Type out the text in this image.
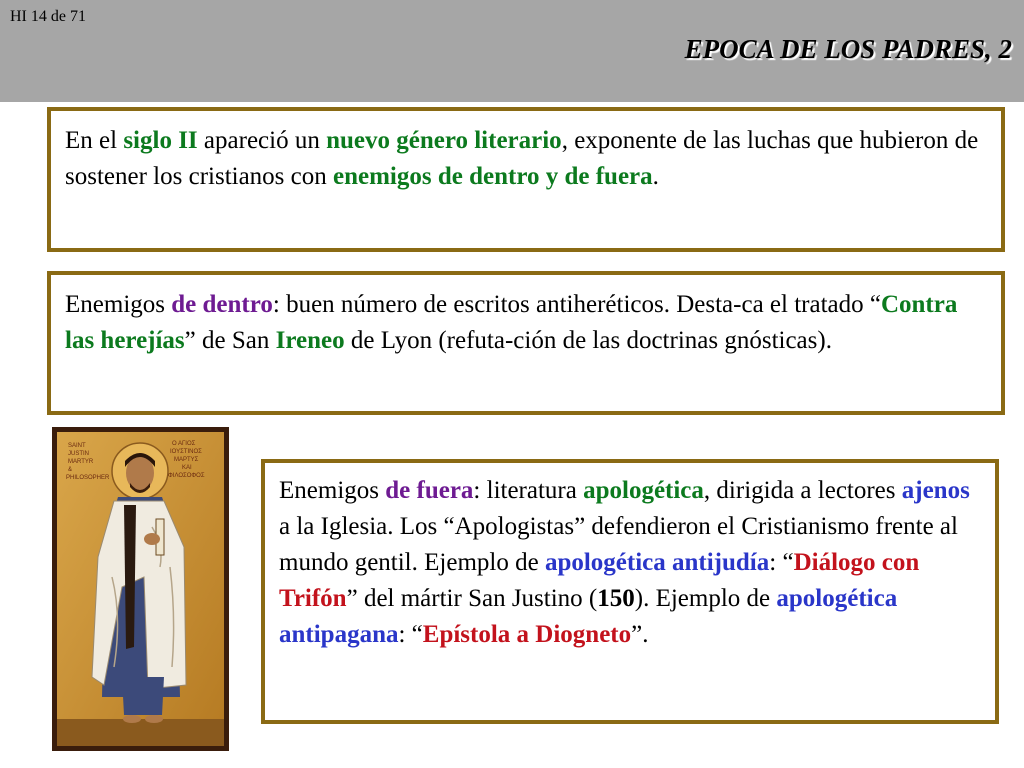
HI 14 de 71
EPOCA DE LOS PADRES, 2
En el siglo II apareció un nuevo género literario, exponente de las luchas que hubieron de sostener los cristianos con enemigos de dentro y de fuera.
Enemigos de dentro: buen número de escritos antiheréticos. Desta-ca el tratado “Contra las herejías” de San Ireneo de Lyon (refuta-ción de las doctrinas gnósticas).
SAINT
JUSTIN
MARTYR
&
PHILOSOPHER
Ο ΑΓΙΟΣ
ΙΟΥΣΤΙΝΟΣ
ΜΑΡΤΥΣ
ΚΑΙ
ΦΙΛΟΣΟΦΟΣ
Enemigos de fuera: literatura apologética, dirigida a lectores ajenos a la Iglesia. Los “Apologistas” defendieron el Cristianismo frente al mundo gentil. Ejemplo de apologética antijudía: “Diálogo con Trifón” del mártir San Justino (150). Ejemplo de apologética antipagana: “Epístola a Diogneto”.
